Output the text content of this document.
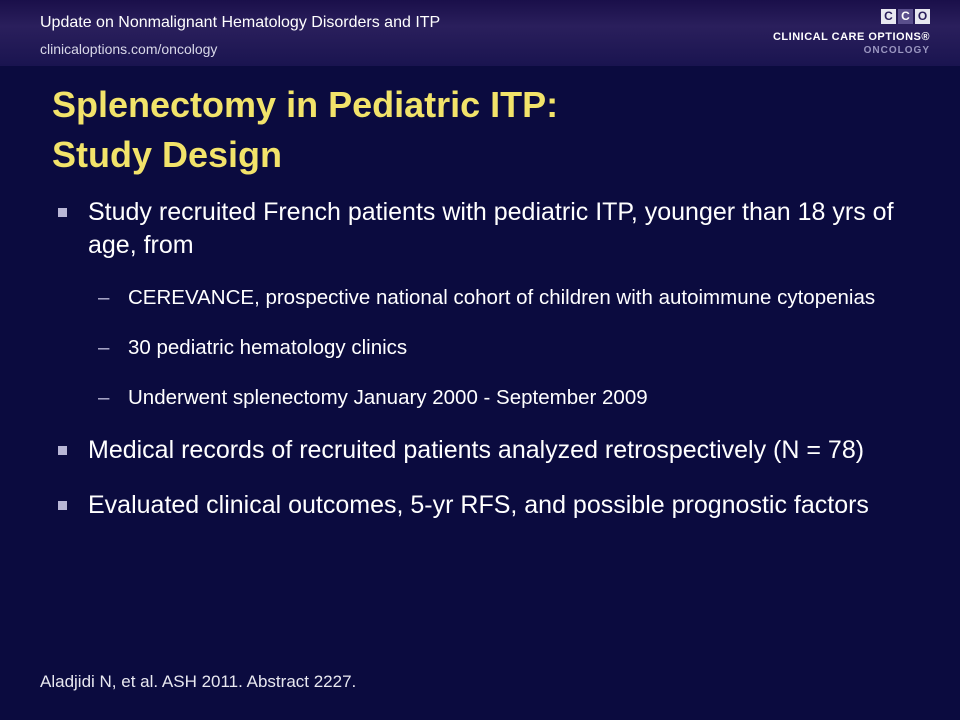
Update on Nonmalignant Hematology Disorders and ITP
clinicaloptions.com/oncology
C C O
CLINICAL CARE OPTIONS®
ONCOLOGY
Splenectomy in Pediatric ITP:
Study Design
Study recruited French patients with pediatric ITP, younger than 18 yrs of age, from
– CEREVANCE, prospective national cohort of children with autoimmune cytopenias
– 30 pediatric hematology clinics
– Underwent splenectomy January 2000 - September 2009
Medical records of recruited patients analyzed retrospectively (N = 78)
Evaluated clinical outcomes, 5-yr RFS, and possible prognostic factors
Aladjidi N, et al. ASH 2011. Abstract 2227.
